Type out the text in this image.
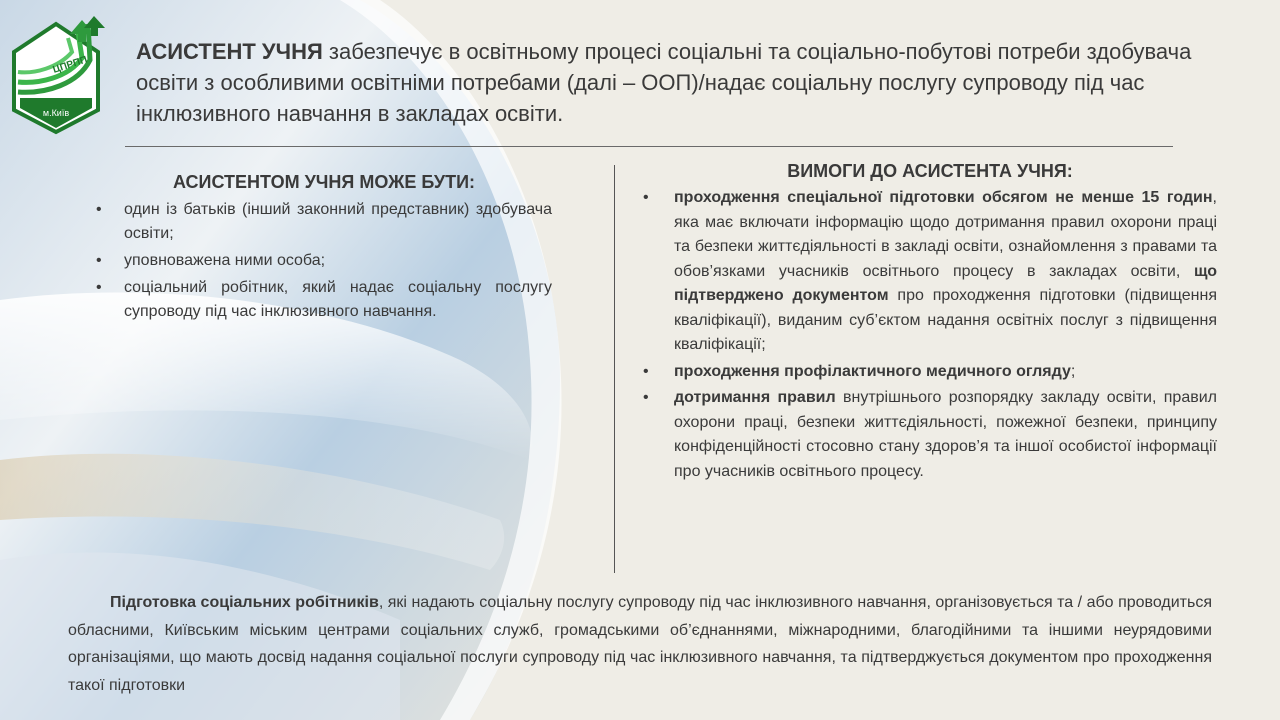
ЦПРПП
м.Київ
АСИСТЕНТ УЧНЯ забезпечує в освітньому процесі соціальні та соціально-побутові потреби здобувача освіти з особливими освітніми потребами (далі – ООП)/надає соціальну послугу супроводу під час інклюзивного навчання в закладах освіти.
АСИСТЕНТОМ УЧНЯ МОЖЕ БУТИ:
• один із батьків (інший законний представник) здобувача освіти;
• уповноважена ними особа;
• соціальний робітник, який надає соціальну послугу супроводу під час інклюзивного навчання.
ВИМОГИ ДО АСИСТЕНТА УЧНЯ:
• проходження спеціальної підготовки обсягом не менше 15 годин, яка має включати інформацію щодо дотримання правил охорони праці та безпеки життєдіяльності в закладі освіти, ознайомлення з правами та обов’язками учасників освітнього процесу в закладах освіти, що підтверджено документом про проходження підготовки (підвищення кваліфікації), виданим суб’єктом надання освітніх послуг з підвищення кваліфікації;
• проходження профілактичного медичного огляду;
• дотримання правил внутрішнього розпорядку закладу освіти, правил охорони праці, безпеки життєдіяльності, пожежної безпеки, принципу конфіденційності стосовно стану здоров’я та іншої особистої інформації про учасників освітнього процесу.
Підготовка соціальних робітників, які надають соціальну послугу супроводу під час інклюзивного навчання, організовується та / або проводиться обласними, Київським міським центрами соціальних служб, громадськими об’єднаннями, міжнародними, благодійними та іншими неурядовими організаціями, що мають досвід надання соціальної послуги супроводу під час інклюзивного навчання, та підтверджується документом про проходження такої підготовки
